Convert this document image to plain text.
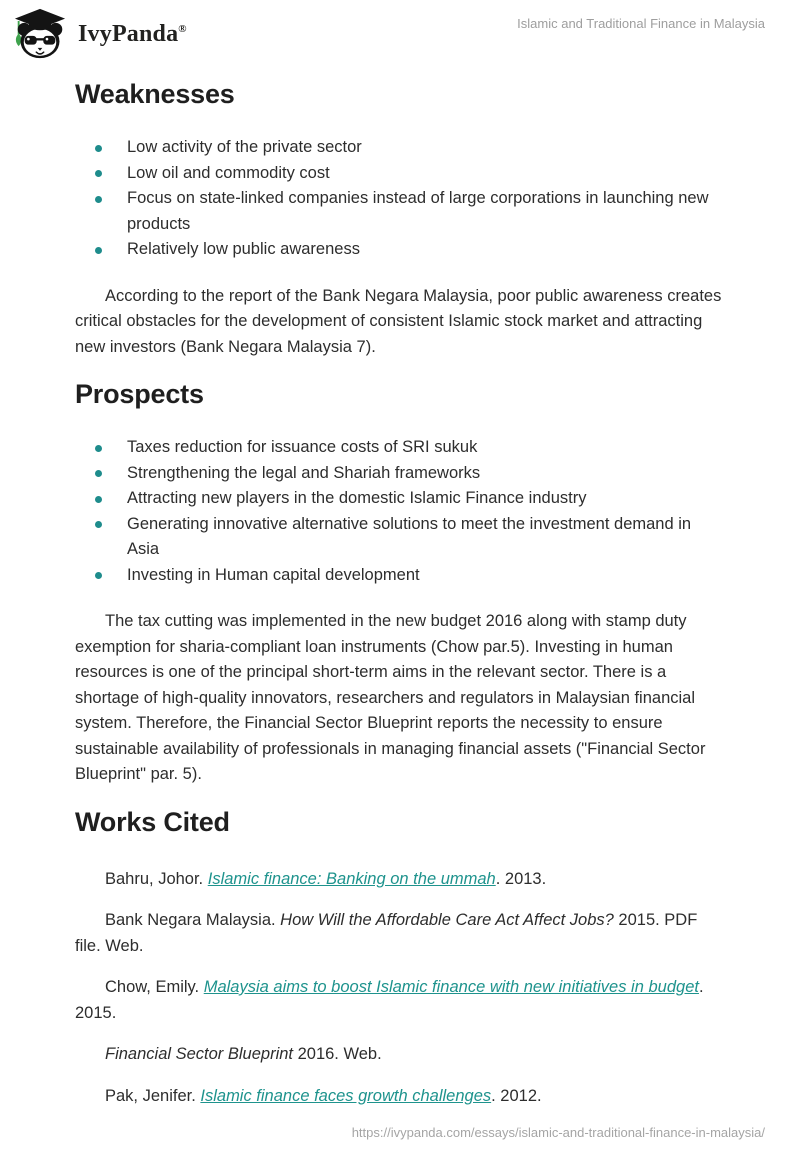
IvyPanda®	Islamic and Traditional Finance in Malaysia
Weaknesses
Low activity of the private sector
Low oil and commodity cost
Focus on state-linked companies instead of large corporations in launching new products
Relatively low public awareness

According to the report of the Bank Negara Malaysia, poor public awareness creates critical obstacles for the development of consistent Islamic stock market and attracting new investors (Bank Negara Malaysia 7).

Prospects
Taxes reduction for issuance costs of SRI sukuk
Strengthening the legal and Shariah frameworks
Attracting new players in the domestic Islamic Finance industry
Generating innovative alternative solutions to meet the investment demand in Asia
Investing in Human capital development

The tax cutting was implemented in the new budget 2016 along with stamp duty exemption for sharia-compliant loan instruments (Chow par.5). Investing in human resources is one of the principal short-term aims in the relevant sector. There is a shortage of high-quality innovators, researchers and regulators in Malaysian financial system. Therefore, the Financial Sector Blueprint reports the necessity to ensure sustainable availability of professionals in managing financial assets ("Financial Sector Blueprint" par. 5).

Works Cited

Bahru, Johor. Islamic finance: Banking on the ummah. 2013.

Bank Negara Malaysia. How Will the Affordable Care Act Affect Jobs? 2015. PDF file. Web.

Chow, Emily. Malaysia aims to boost Islamic finance with new initiatives in budget. 2015.

Financial Sector Blueprint 2016. Web.

Pak, Jenifer. Islamic finance faces growth challenges. 2012.

https://ivypanda.com/essays/islamic-and-traditional-finance-in-malaysia/
